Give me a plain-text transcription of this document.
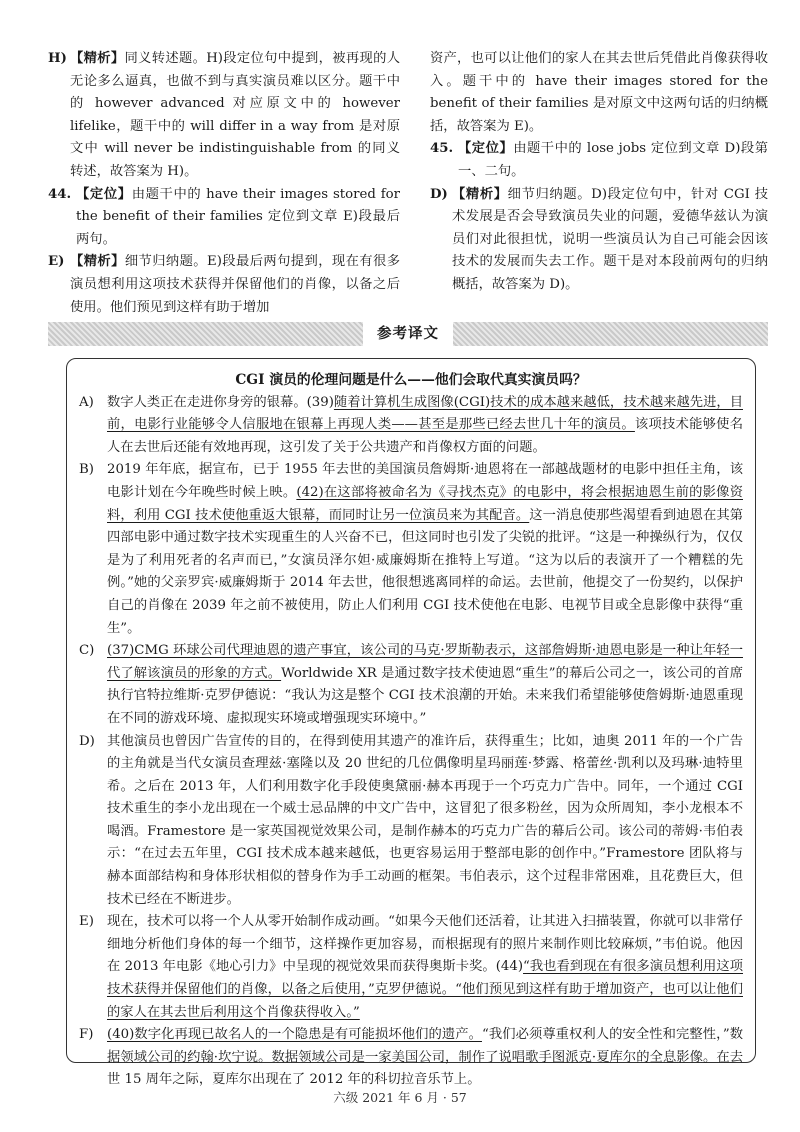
H) 【精析】同义转述题。H)段定位句中提到，被再现的人无论多么逼真，也做不到与真实演员难以区分。题干中的 however advanced 对应原文中的 however lifelike，题干中的 will differ in a way from 是对原文中 will never be indistinguishable from 的同义转述，故答案为 H)。
44. 【定位】由题干中的 have their images stored for the benefit of their families 定位到文章 E)段最后两句。
E) 【精析】细节归纳题。E)段最后两句提到，现在有很多演员想利用这项技术获得并保留他们的肖像，以备之后使用。他们预见到这样有助于增加
资产，也可以让他们的家人在其去世后凭借此肖像获得收入。题干中的 have their images stored for the benefit of their families 是对原文中这两句话的归纳概括，故答案为 E)。
45. 【定位】由题干中的 lose jobs 定位到文章 D)段第一、二句。
D) 【精析】细节归纳题。D)段定位句中，针对 CGI 技术发展是否会导致演员失业的问题，爱德华兹认为演员们对此很担忧，说明一些演员认为自己可能会因该技术的发展而失去工作。题干是对本段前两句的归纳概括，故答案为 D)。
参考译文
CGI 演员的伦理问题是什么——他们会取代真实演员吗？
A) 数字人类正在走进你身旁的银幕。(39)随着计算机生成图像(CGI)技术的成本越来越低，技术越来越先进，目前，电影行业能够令人信服地在银幕上再现人类——甚至是那些已经去世几十年的演员。该项技术能够使名人在去世后还能有效地再现，这引发了关于公共遗产和肖像权方面的问题。
B) 2019 年年底，据宣布，已于 1955 年去世的美国演员詹姆斯·迪恩将在一部越战题材的电影中担任主角，该电影计划在今年晚些时候上映。(42)在这部将被命名为《寻找杰克》的电影中，将会根据迪恩生前的影像资料，利用 CGI 技术使他重返大银幕，而同时让另一位演员来为其配音。这一消息使那些渴望看到迪恩在其第四部电影中通过数字技术实现重生的人兴奋不已，但这同时也引发了尖锐的批评。“这是一种操纵行为，仅仅是为了利用死者的名声而已，”女演员泽尔妲·威廉姆斯在推特上写道。“这为以后的表演开了一个糟糕的先例。”她的父亲罗宾·威廉姆斯于 2014 年去世，他很想逃离同样的命运。去世前，他提交了一份契约，以保护自己的肖像在 2039 年之前不被使用，防止人们利用 CGI 技术使他在电影、电视节目或全息影像中获得“重生”。
C) (37)CMG 环球公司代理迪恩的遗产事宜，该公司的马克·罗斯勒表示，这部詹姆斯·迪恩电影是一种让年轻一代了解该演员的形象的方式。Worldwide XR 是通过数字技术使迪恩“重生”的幕后公司之一，该公司的首席执行官特拉维斯·克罗伊德说：“我认为这是整个 CGI 技术浪潮的开始。未来我们希望能够使詹姆斯·迪恩重现在不同的游戏环境、虚拟现实环境或增强现实环境中。”
D) 其他演员也曾因广告宣传的目的，在得到使用其遗产的准许后，获得重生；比如，迪奥 2011 年的一个广告的主角就是当代女演员查理兹·塞隆以及 20 世纪的几位偶像明星玛丽莲·梦露、格蕾丝·凯利以及玛琳·迪特里希。之后在 2013 年，人们利用数字化手段使奥黛丽·赫本再现于一个巧克力广告中。同年，一个通过 CGI 技术重生的李小龙出现在一个威士忌品牌的中文广告中，这冒犯了很多粉丝，因为众所周知，李小龙根本不喝酒。Framestore 是一家英国视觉效果公司，是制作赫本的巧克力广告的幕后公司。该公司的蒂姆·韦伯表示：“在过去五年里，CGI 技术成本越来越低，也更容易运用于整部电影的创作中。”Framestore 团队将与赫本面部结构和身体形状相似的替身作为手工动画的框架。韦伯表示，这个过程非常困难，且花费巨大，但技术已经在不断进步。
E) 现在，技术可以将一个人从零开始制作成动画。“如果今天他们还活着，让其进入扫描装置，你就可以非常仔细地分析他们身体的每一个细节，这样操作更加容易，而根据现有的照片来制作则比较麻烦，”韦伯说。他因在 2013 年电影《地心引力》中呈现的视觉效果而获得奥斯卡奖。(44)“我也看到现在有很多演员想利用这项技术获得并保留他们的肖像，以备之后使用，”克罗伊德说。“他们预见到这样有助于增加资产，也可以让他们的家人在其去世后利用这个肖像获得收入。”
F)	(40)数字化再现已故名人的一个隐患是有可能损坏他们的遗产。“我们必须尊重权利人的安全性和完整性，”数据领域公司的约翰·坎宁说。数据领域公司是一家美国公司，制作了说唱歌手图派克·夏库尔的全息影像。在去世 15 周年之际，夏库尔出现在了 2012 年的科切拉音乐节上。
六级 2021 年 6 月 · 57
